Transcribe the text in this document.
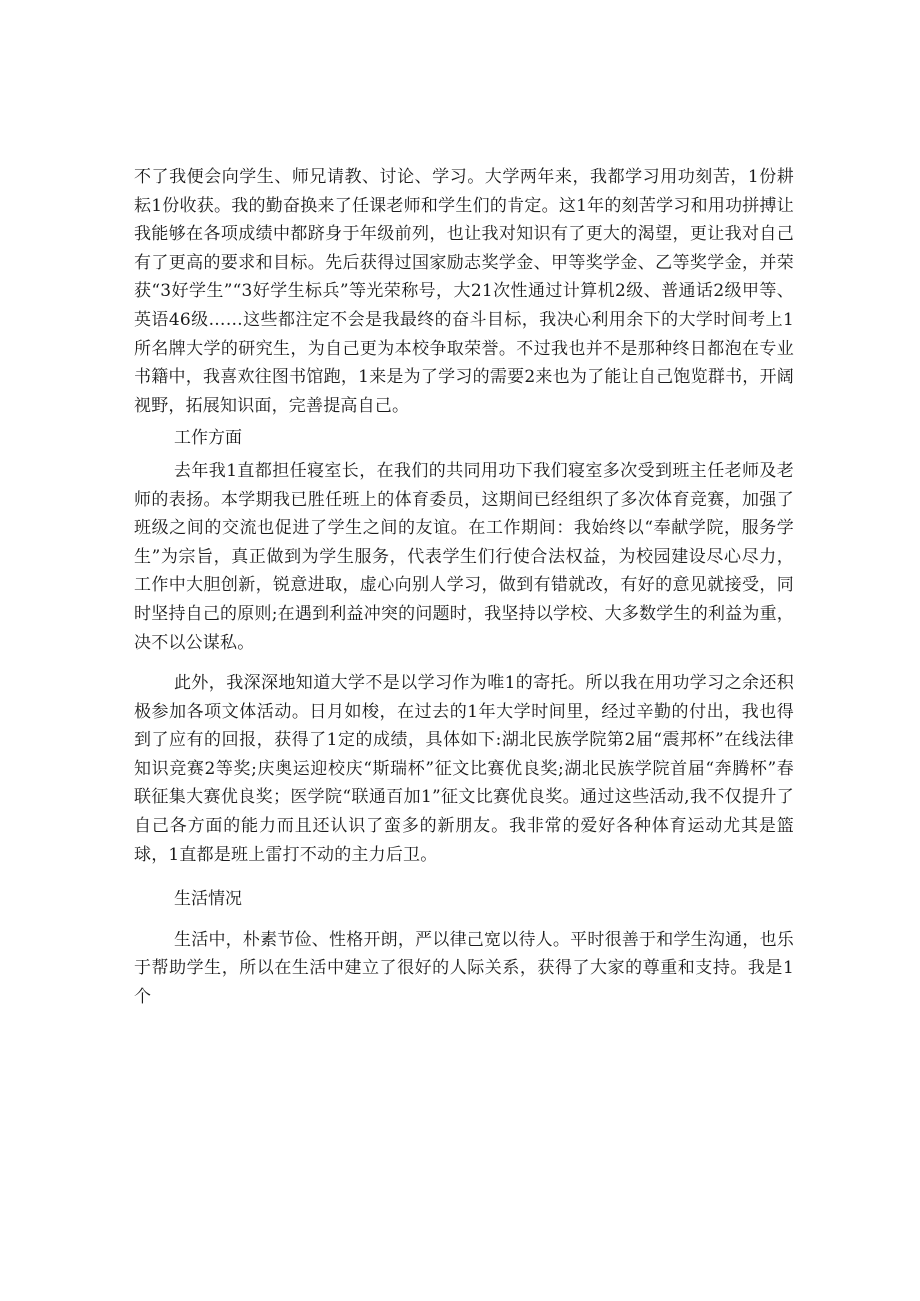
不了我便会向学生、师兄请教、讨论、学习。大学两年来，我都学习用功刻苦，1份耕耘1份收获。我的勤奋换来了任课老师和学生们的肯定。这1年的刻苦学习和用功拼搏让我能够在各项成绩中都跻身于年级前列，也让我对知识有了更大的渴望，更让我对自己有了更高的要求和目标。先后获得过国家励志奖学金、甲等奖学金、乙等奖学金，并荣获“3好学生”“3好学生标兵”等光荣称号，大21次性通过计算机2级、普通话2级甲等、英语46级……这些都注定不会是我最终的奋斗目标，我决心利用余下的大学时间考上1所名牌大学的研究生，为自己更为本校争取荣誉。不过我也并不是那种终日都泡在专业书籍中，我喜欢往图书馆跑，1来是为了学习的需要2来也为了能让自己饱览群书，开阔视野，拓展知识面，完善提高自己。

工作方面

去年我1直都担任寝室长，在我们的共同用功下我们寝室多次受到班主任老师及老师的表扬。本学期我已胜任班上的体育委员，这期间已经组织了多次体育竞赛，加强了班级之间的交流也促进了学生之间的友谊。在工作期间：我始终以“奉献学院，服务学生”为宗旨，真正做到为学生服务，代表学生们行使合法权益，为校园建设尽心尽力，工作中大胆创新，锐意进取，虚心向别人学习，做到有错就改，有好的意见就接受，同时坚持自己的原则;在遇到利益冲突的问题时，我坚持以学校、大多数学生的利益为重，决不以公谋私。

此外，我深深地知道大学不是以学习作为唯1的寄托。所以我在用功学习之余还积极参加各项文体活动。日月如梭，在过去的1年大学时间里，经过辛勤的付出，我也得到了应有的回报，获得了1定的成绩，具体如下:湖北民族学院第2届“震邦杯”在线法律知识竞赛2等奖;庆奥运迎校庆“斯瑞杯”征文比赛优良奖;湖北民族学院首届“奔腾杯”春联征集大赛优良奖；医学院“联通百加1”征文比赛优良奖。通过这些活动,我不仅提升了自己各方面的能力而且还认识了蛮多的新朋友。我非常的爱好各种体育运动尤其是篮球，1直都是班上雷打不动的主力后卫。

生活情况

生活中，朴素节俭、性格开朗，严以律己宽以待人。平时很善于和学生沟通，也乐于帮助学生，所以在生活中建立了很好的人际关系，获得了大家的尊重和支持。我是1个
